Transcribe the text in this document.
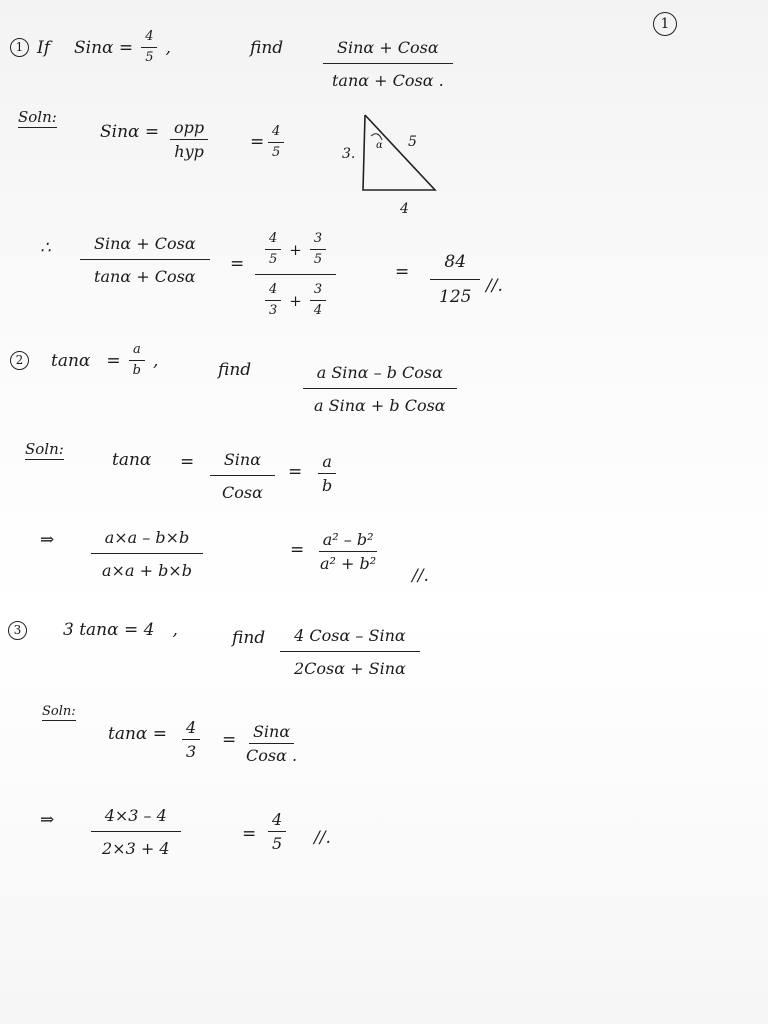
1
1 If $Sin\alpha = \frac{4}{5}$ ,	find $\frac{\text{Sinα + Cosα}}{\text{tanα + Cosα .}}$
Soln:
$Sin\alpha = \frac{\text{opp}}{\text{hyp}} = \frac{4}{5}$	3.
5
4
α
∴ $\frac{\text{Sinα + Cosα}}{\text{tanα + Cosα}} = \frac{4}{5} + \frac{3}{5}$
$\frac{4}{3} + \frac{3}{4}$
= $\frac{84}{125}$ //.
2	$\tan\alpha = \frac{a}{b}$ ,	find	$\frac{\text{a Sinα – b Cosα}}{\text{a Sinα + b Cosα}}$
Soln:
$\tan\alpha = \frac{\text{Sinα}}{\text{Cosα}} = \frac{a}{b}$
⇒ $\frac{a\times a - b\times b}{a\times a + b\times b}$	= $\frac{\text{a² – b²}}{\text{a² + b²}}$
//.
3	3 tanα = 4 ,	find $\frac{\text{4 Cosα – Sinα}}{\text{2Cosα + Sinα}}$
Soln:
$\tan\alpha = \frac{4}{3} = \frac{\text{Sinα}}{\text{Cosα .}}$
⇒ $\frac{4\times 3 - 4}{2\times 3 + 4}$	= $\frac{4}{5}$ //.
